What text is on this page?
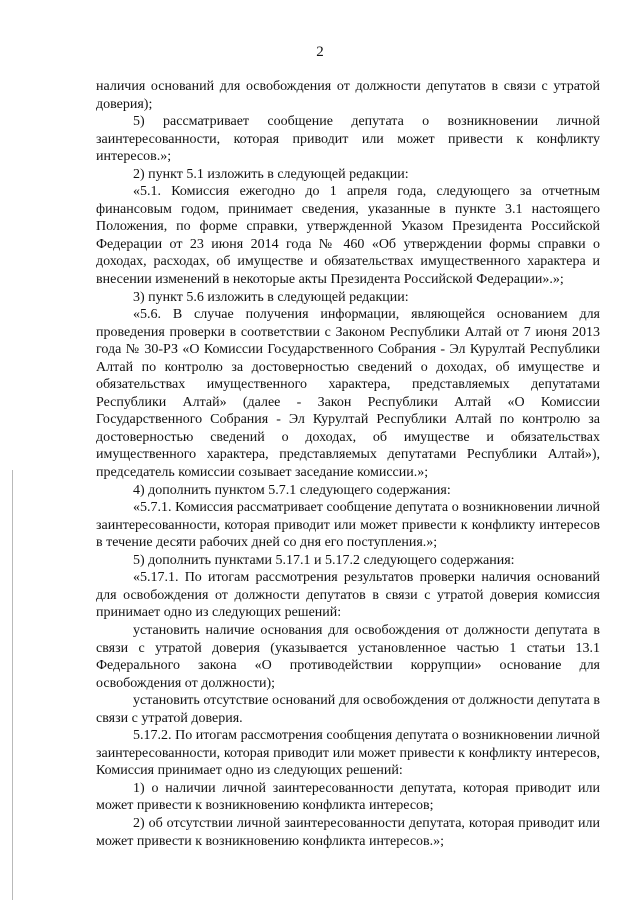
2

наличия оснований для освобождения от должности депутатов в связи с утратой доверия);

5) рассматривает сообщение депутата о возникновении личной заинтересованности, которая приводит или может привести к конфликту интересов.»;

2) пункт 5.1 изложить в следующей редакции:

«5.1. Комиссия ежегодно до 1 апреля года, следующего за отчетным финансовым годом, принимает сведения, указанные в пункте 3.1 настоящего Положения, по форме справки, утвержденной Указом Президента Российской Федерации от 23 июня 2014 года № 460 «Об утверждении формы справки о доходах, расходах, об имуществе и обязательствах имущественного характера и внесении изменений в некоторые акты Президента Российской Федерации».»;

3) пункт 5.6 изложить в следующей редакции:

«5.6. В случае получения информации, являющейся основанием для проведения проверки в соответствии с Законом Республики Алтай от 7 июня 2013 года № 30-РЗ «О Комиссии Государственного Собрания - Эл Курултай Республики Алтай по контролю за достоверностью сведений о доходах, об имуществе и обязательствах имущественного характера, представляемых депутатами Республики Алтай» (далее - Закон Республики Алтай «О Комиссии Государственного Собрания - Эл Курултай Республики Алтай по контролю за достоверностью сведений о доходах, об имуществе и обязательствах имущественного характера, представляемых депутатами Республики Алтай»), председатель комиссии созывает заседание комиссии.»;

4) дополнить пунктом 5.7.1 следующего содержания:

«5.7.1. Комиссия рассматривает сообщение депутата о возникновении личной заинтересованности, которая приводит или может привести к конфликту интересов в течение десяти рабочих дней со дня его поступления.»;

5) дополнить пунктами 5.17.1 и 5.17.2 следующего содержания:

«5.17.1. По итогам рассмотрения результатов проверки наличия оснований для освобождения от должности депутатов в связи с утратой доверия комиссия принимает одно из следующих решений:

установить наличие основания для освобождения от должности депутата в связи с утратой доверия (указывается установленное частью 1 статьи 13.1 Федерального закона «О противодействии коррупции» основание для освобождения от должности);

установить отсутствие оснований для освобождения от должности депутата в связи с утратой доверия.

5.17.2. По итогам рассмотрения сообщения депутата о возникновении личной заинтересованности, которая приводит или может привести к конфликту интересов, Комиссия принимает одно из следующих решений:

1) о наличии личной заинтересованности депутата, которая приводит или может привести к возникновению конфликта интересов;

2) об отсутствии личной заинтересованности депутата, которая приводит или может привести к возникновению конфликта интересов.»;
